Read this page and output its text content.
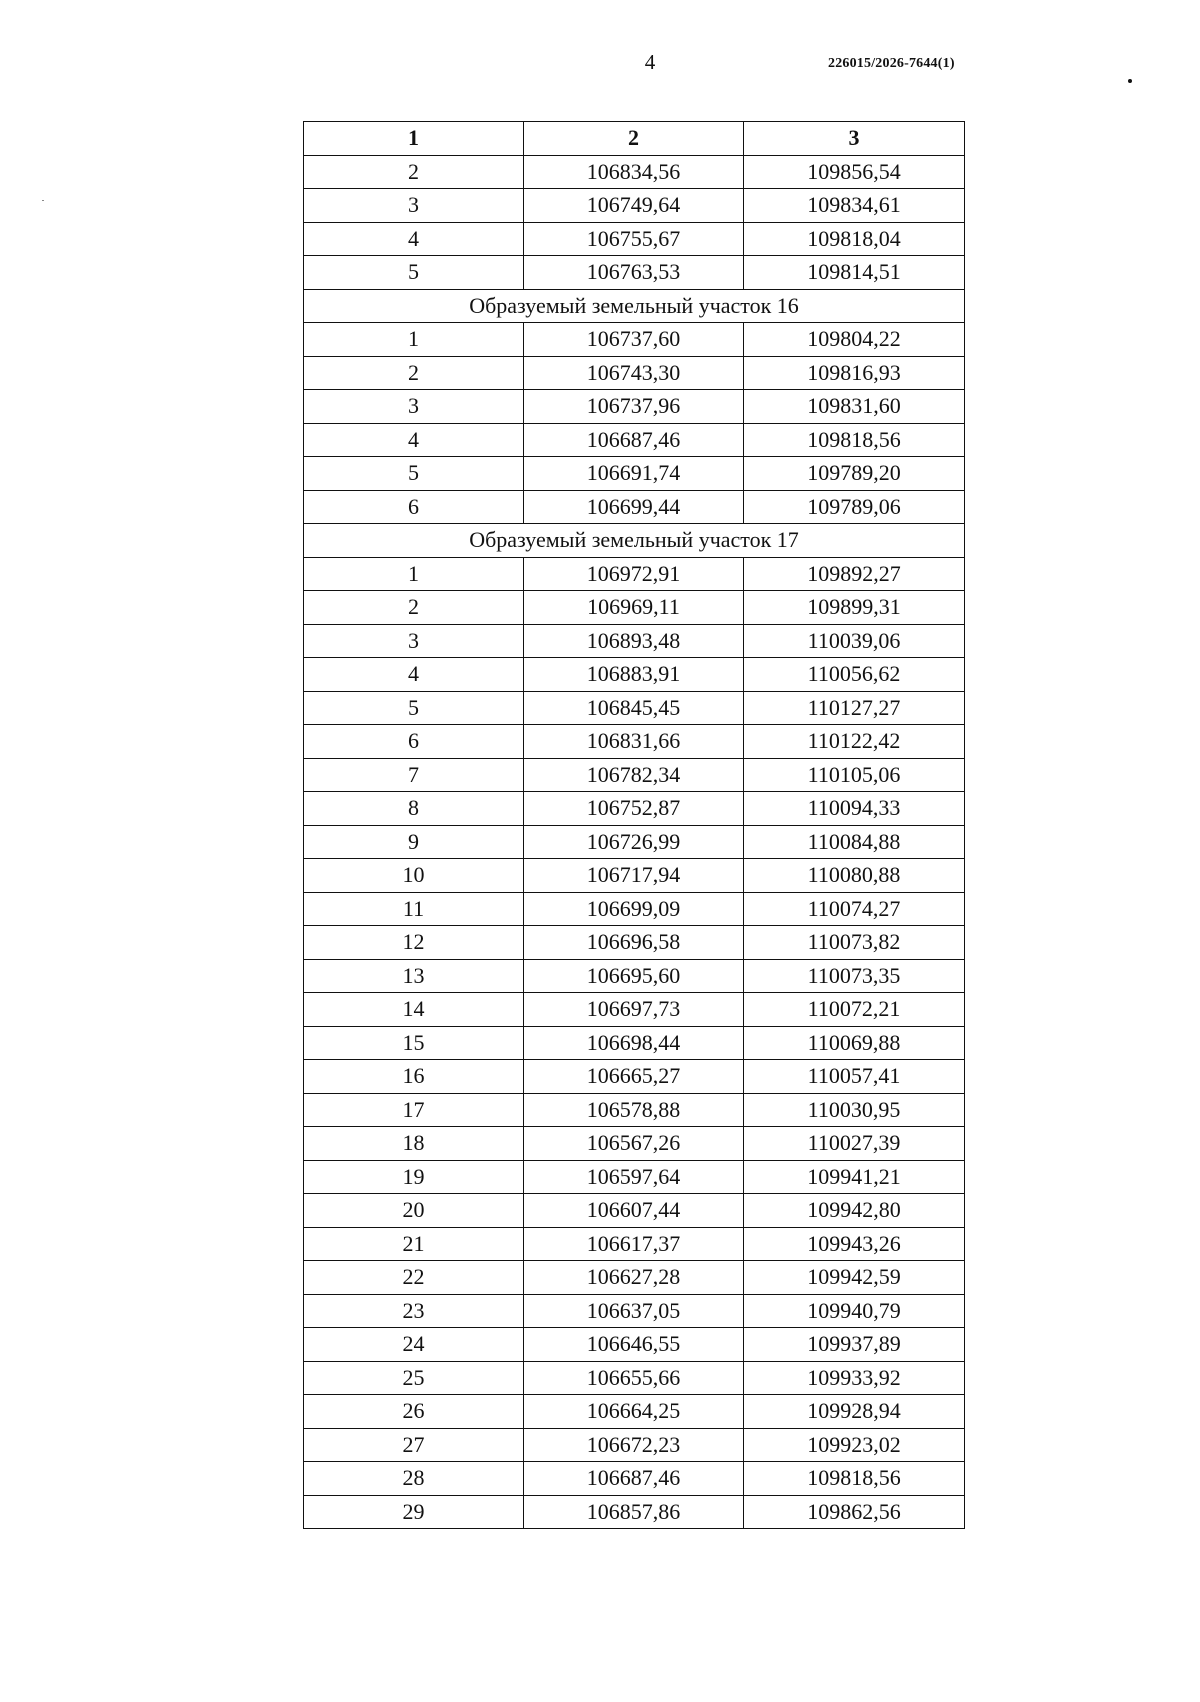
4	226015/2026-7644(1)
1	2	3
2	106834,56	109856,54
3	106749,64	109834,61
4	106755,67	109818,04
5	106763,53	109814,51
Образуемый земельный участок 16		
1	106737,60	109804,22
2	106743,30	109816,93
3	106737,96	109831,60
4	106687,46	109818,56
5	106691,74	109789,20
6	106699,44	109789,06
Образуемый земельный участок 17		
1	106972,91	109892,27
2	106969,11	109899,31
3	106893,48	110039,06
4	106883,91	110056,62
5	106845,45	110127,27
6	106831,66	110122,42
7	106782,34	110105,06
8	106752,87	110094,33
9	106726,99	110084,88
10	106717,94	110080,88
11	106699,09	110074,27
12	106696,58	110073,82
13	106695,60	110073,35
14	106697,73	110072,21
15	106698,44	110069,88
16	106665,27	110057,41
17	106578,88	110030,95
18	106567,26	110027,39
19	106597,64	109941,21
20	106607,44	109942,80
21	106617,37	109943,26
22	106627,28	109942,59
23	106637,05	109940,79
24	106646,55	109937,89
25	106655,66	109933,92
26	106664,25	109928,94
27	106672,23	109923,02
28	106687,46	109818,56
29	106857,86	109862,56
